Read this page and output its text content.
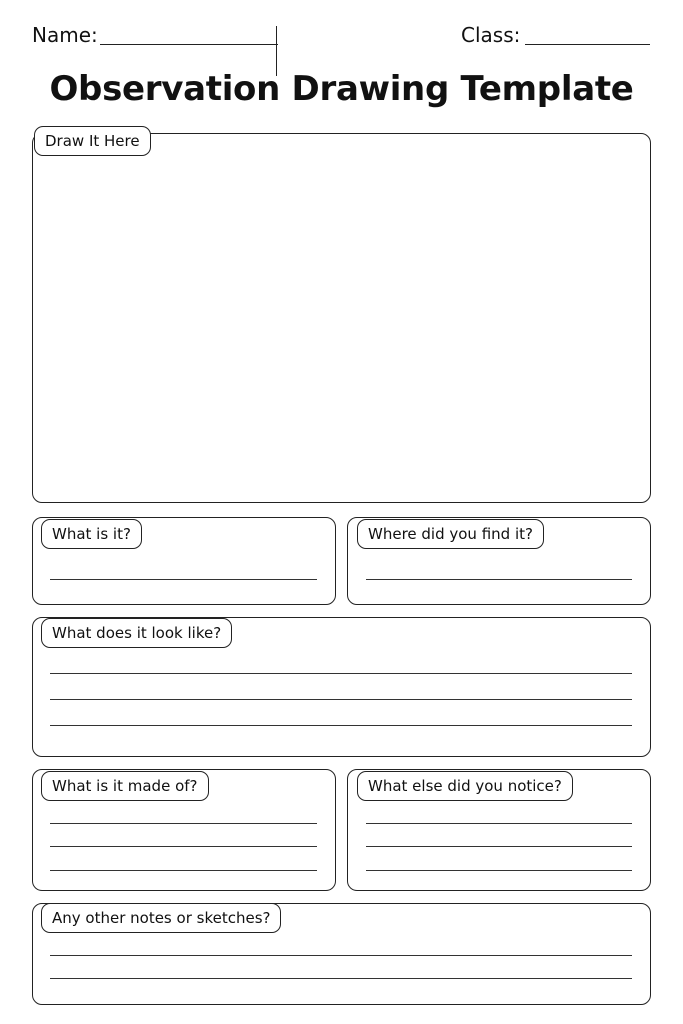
Name:	Class:
Observation Drawing Template
Draw It Here
What is it?	Where did you find it?
What does it look like?
What is it made of?	What else did you notice?
Any other notes or sketches?
